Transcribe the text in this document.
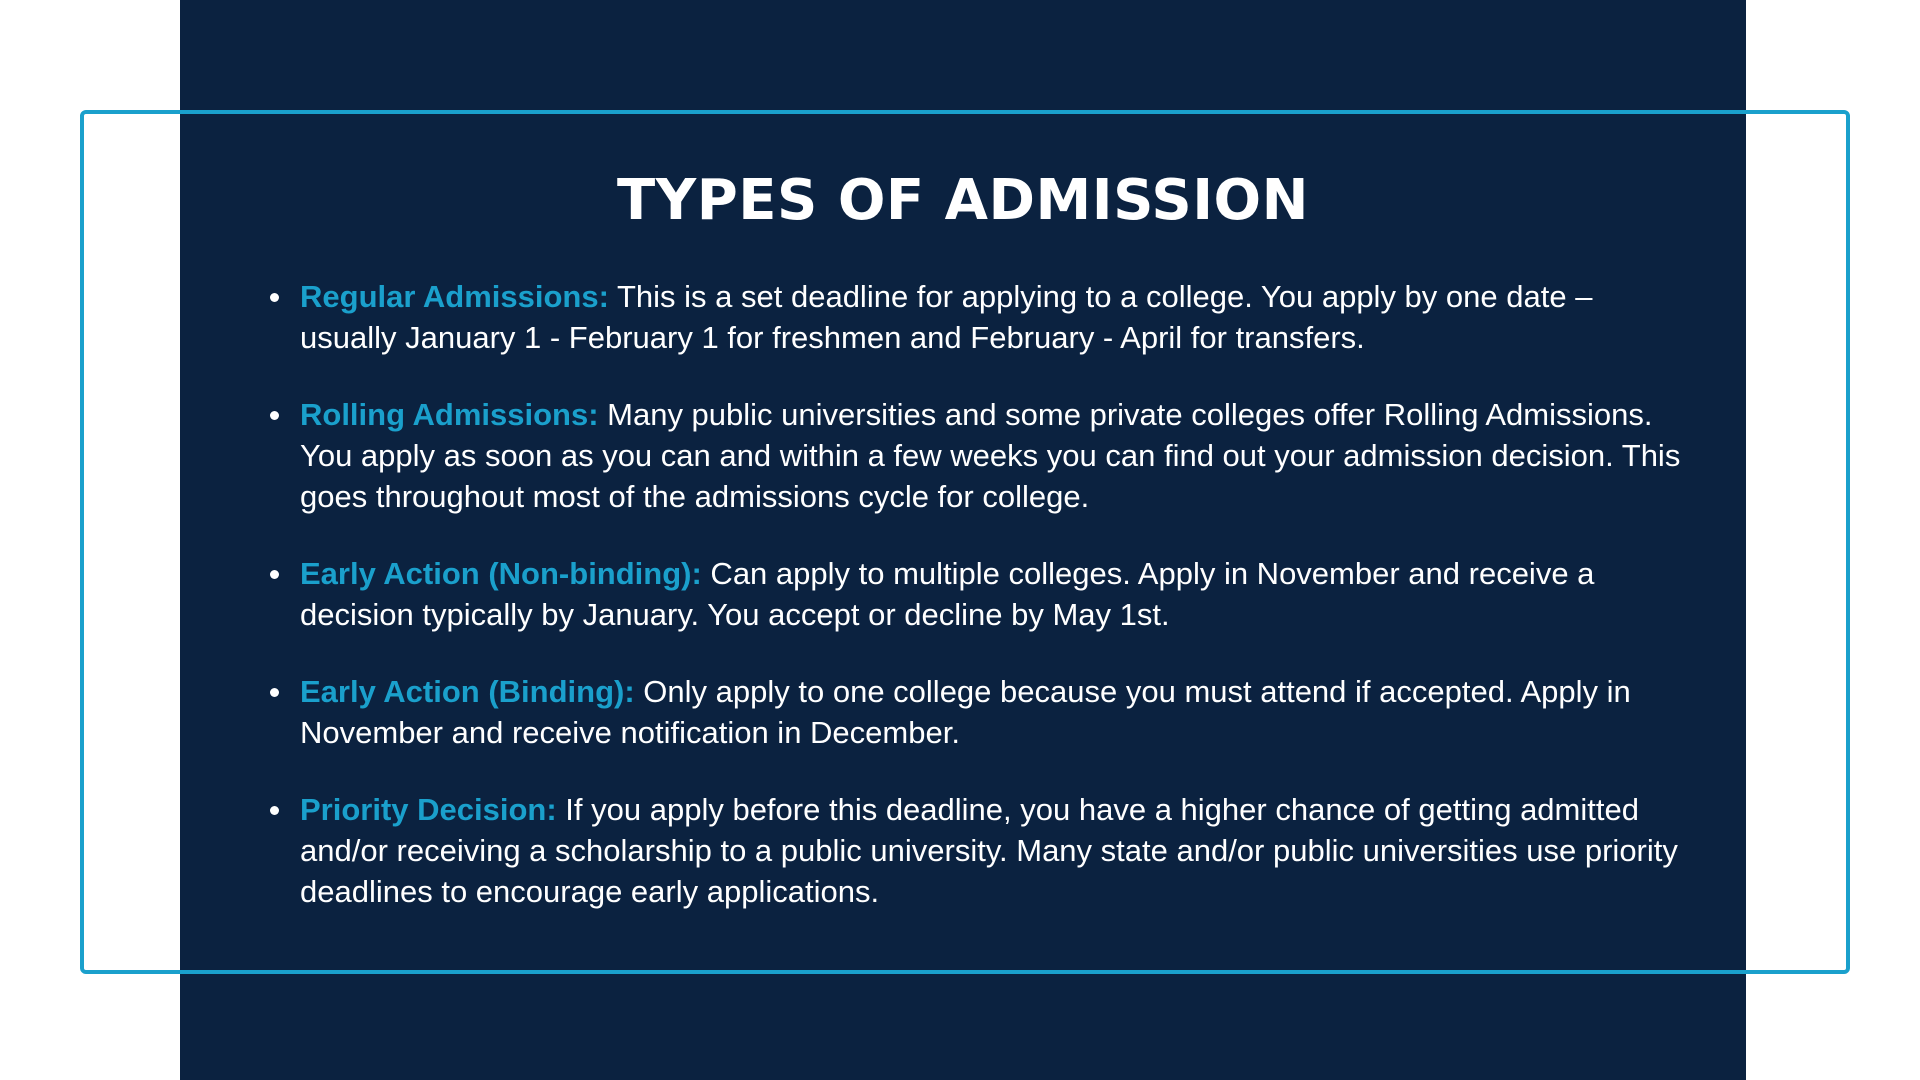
TYPES OF ADMISSION
Regular Admissions: This is a set deadline for applying to a college. You apply by one date – usually January 1 - February 1 for freshmen and February - April for transfers.
Rolling Admissions: Many public universities and some private colleges offer Rolling Admissions. You apply as soon as you can and within a few weeks you can find out your admission decision. This goes throughout most of the admissions cycle for college.
Early Action (Non-binding): Can apply to multiple colleges. Apply in November and receive a decision typically by January. You accept or decline by May 1st.
Early Action (Binding): Only apply to one college because you must attend if accepted. Apply in November and receive notification in December.
Priority Decision: If you apply before this deadline, you have a higher chance of getting admitted and/or receiving a scholarship to a public university. Many state and/or public universities use priority deadlines to encourage early applications.
